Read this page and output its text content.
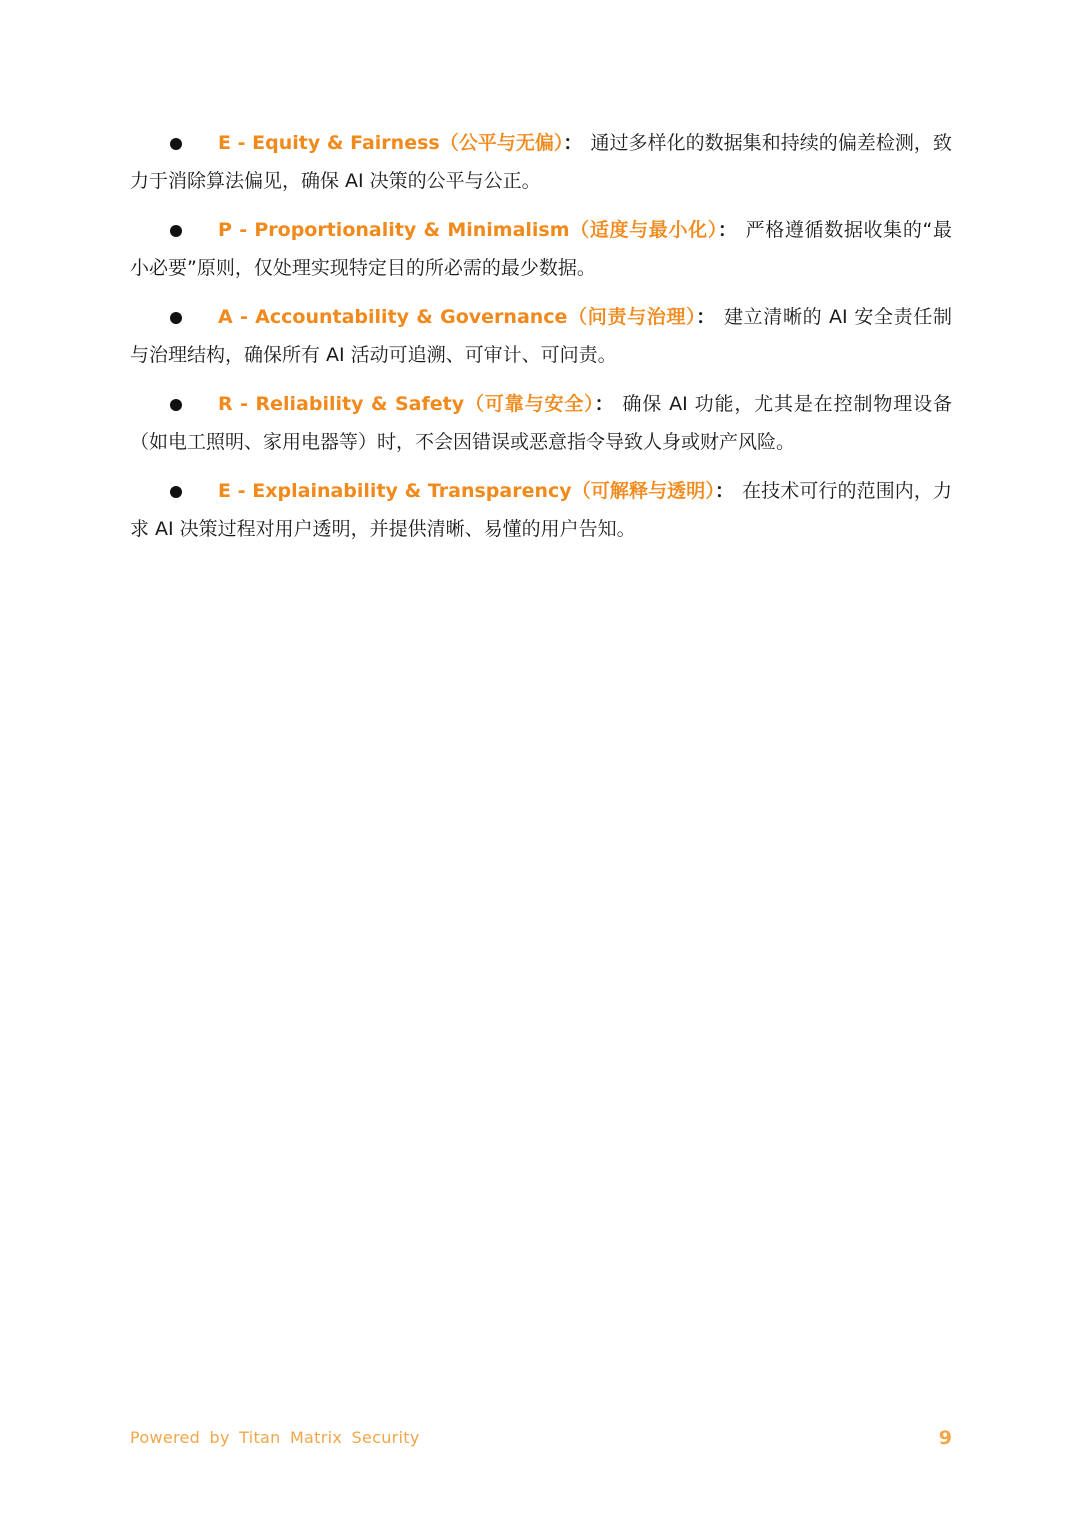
E - Equity & Fairness（公平与无偏）： 通过多样化的数据集和持续的偏差检测，致力于消除算法偏见，确保 AI 决策的公平与公正。
P - Proportionality & Minimalism（适度与最小化）： 严格遵循数据收集的“最小必要”原则，仅处理实现特定目的所必需的最少数据。
A - Accountability & Governance（问责与治理）： 建立清晰的 AI 安全责任制与治理结构，确保所有 AI 活动可追溯、可审计、可问责。
R - Reliability & Safety（可靠与安全）： 确保 AI 功能，尤其是在控制物理设备（如电工照明、家用电器等）时，不会因错误或恶意指令导致人身或财产风险。
E - Explainability & Transparency（可解释与透明）： 在技术可行的范围内，力求 AI 决策过程对用户透明，并提供清晰、易懂的用户告知。
Powered by Titan Matrix Security	9
